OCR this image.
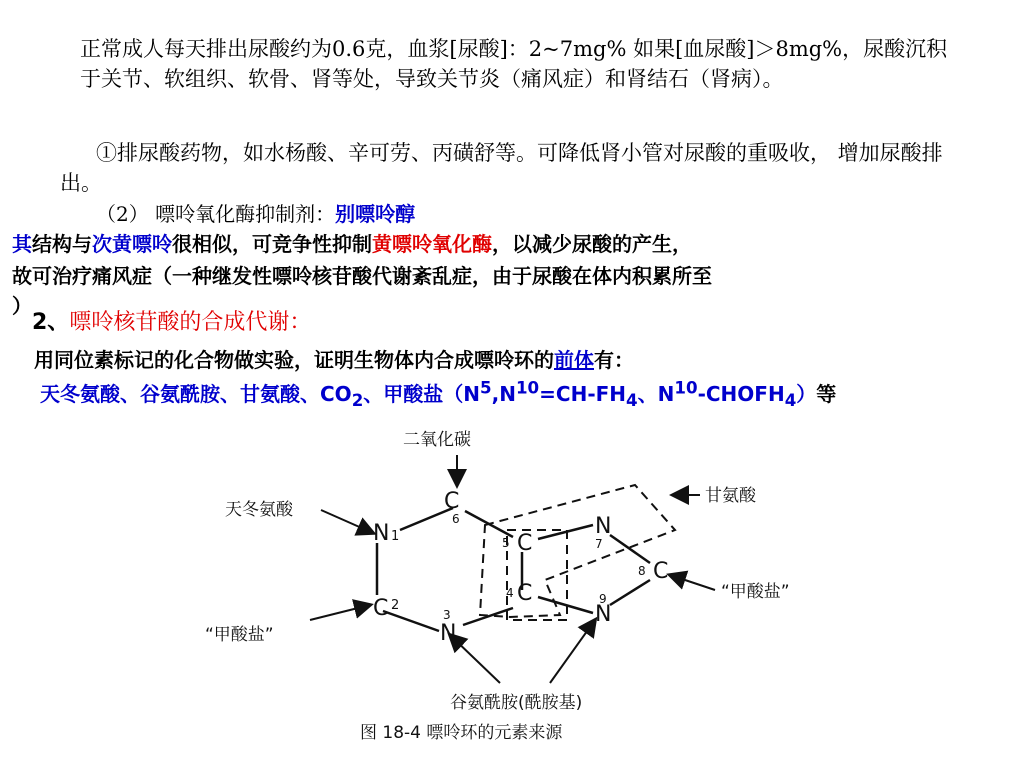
正常成人每天排出尿酸约为0.6克，血浆[尿酸]：2~7mg% 如果[血尿酸]＞8mg%，尿酸沉积于关节、软组织、软骨、肾等处，导致关节炎（痛风症）和肾结石（肾病）。
①排尿酸药物，如水杨酸、辛可劳、丙磺舒等。可降低肾小管对尿酸的重吸收， 增加尿酸排出。
（2） 嘌呤氧化酶抑制剂：别嘌呤醇
其结构与次黄嘌呤很相似，可竞争性抑制黄嘌呤氧化酶，以减少尿酸的产生，
故可治疗痛风症（一种继发性嘌呤核苷酸代谢紊乱症，由于尿酸在体内积累所至
）
2、嘌呤核苷酸的合成代谢：
用同位素标记的化合物做实验，证明生物体内合成嘌呤环的前体有：
天冬氨酸、谷氨酰胺、甘氨酸、$CO_2$、甲酸盐（$N^5,N^{10}=CH-FH_4$、$N^{10}-CHOFH_4$）等
C
6
N 1
C 2
N
3
C
4
C
5
N
7
C
8
N
9
二氧化碳
天冬氨酸
甘氨酸
“甲酸盐”
“甲酸盐”
谷氨酰胺(酰胺基)
图 18-4 嘌呤环的元素来源
